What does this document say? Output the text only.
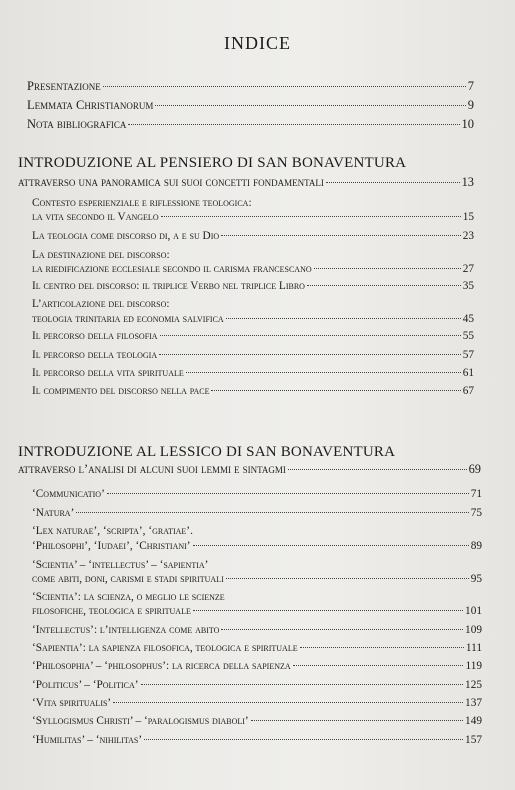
INDICE
Presentazione	7
Lemmata Christianorum	9
Nota bibliografica	10
INTRODUZIONE AL PENSIERO DI SAN BONAVENTURA
attraverso una panoramica sui suoi concetti fondamentali	13
Contesto esperienziale e riflessione teologica:
la vita secondo il Vangelo	15
La teologia come discorso di, a e su Dio	23
La destinazione del discorso:
la riedificazione ecclesiale secondo il carisma francescano	27
Il centro del discorso: il triplice Verbo nel triplice Libro	35
L’articolazione del discorso:
teologia trinitaria ed economia salvifica	45
Il percorso della filosofia	55
Il percorso della teologia	57
Il percorso della vita spirituale	61
Il compimento del discorso nella pace	67
INTRODUZIONE AL LESSICO DI SAN BONAVENTURA
attraverso l’analisi di alcuni suoi lemmi e sintagmi	69
‘Communicatio’	71
‘Natura’	75
‘Lex naturae’, ‘scripta’, ‘gratiae’.
‘Philosophi’, ‘Iudaei’, ‘Christiani’	89
‘Scientia’ – ‘intellectus’ – ‘sapientia’
come abiti, doni, carismi e stadi spirituali	95
‘Scientia’: la scienza, o meglio le scienze
filosofiche, teologica e spirituale	101
‘Intellectus’: l’intelligenza come abito	109
‘Sapientia’: la sapienza filosofica, teologica e spirituale	111
‘Philosophia’ – ‘philosophus’: la ricerca della sapienza	119
‘Politicus’ – ‘Politica’	125
‘Vita spiritualis’	137
‘Syllogismus Christi’ – ‘paralogismus diaboli’	149
‘Humilitas’ – ‘nihilitas’	157
